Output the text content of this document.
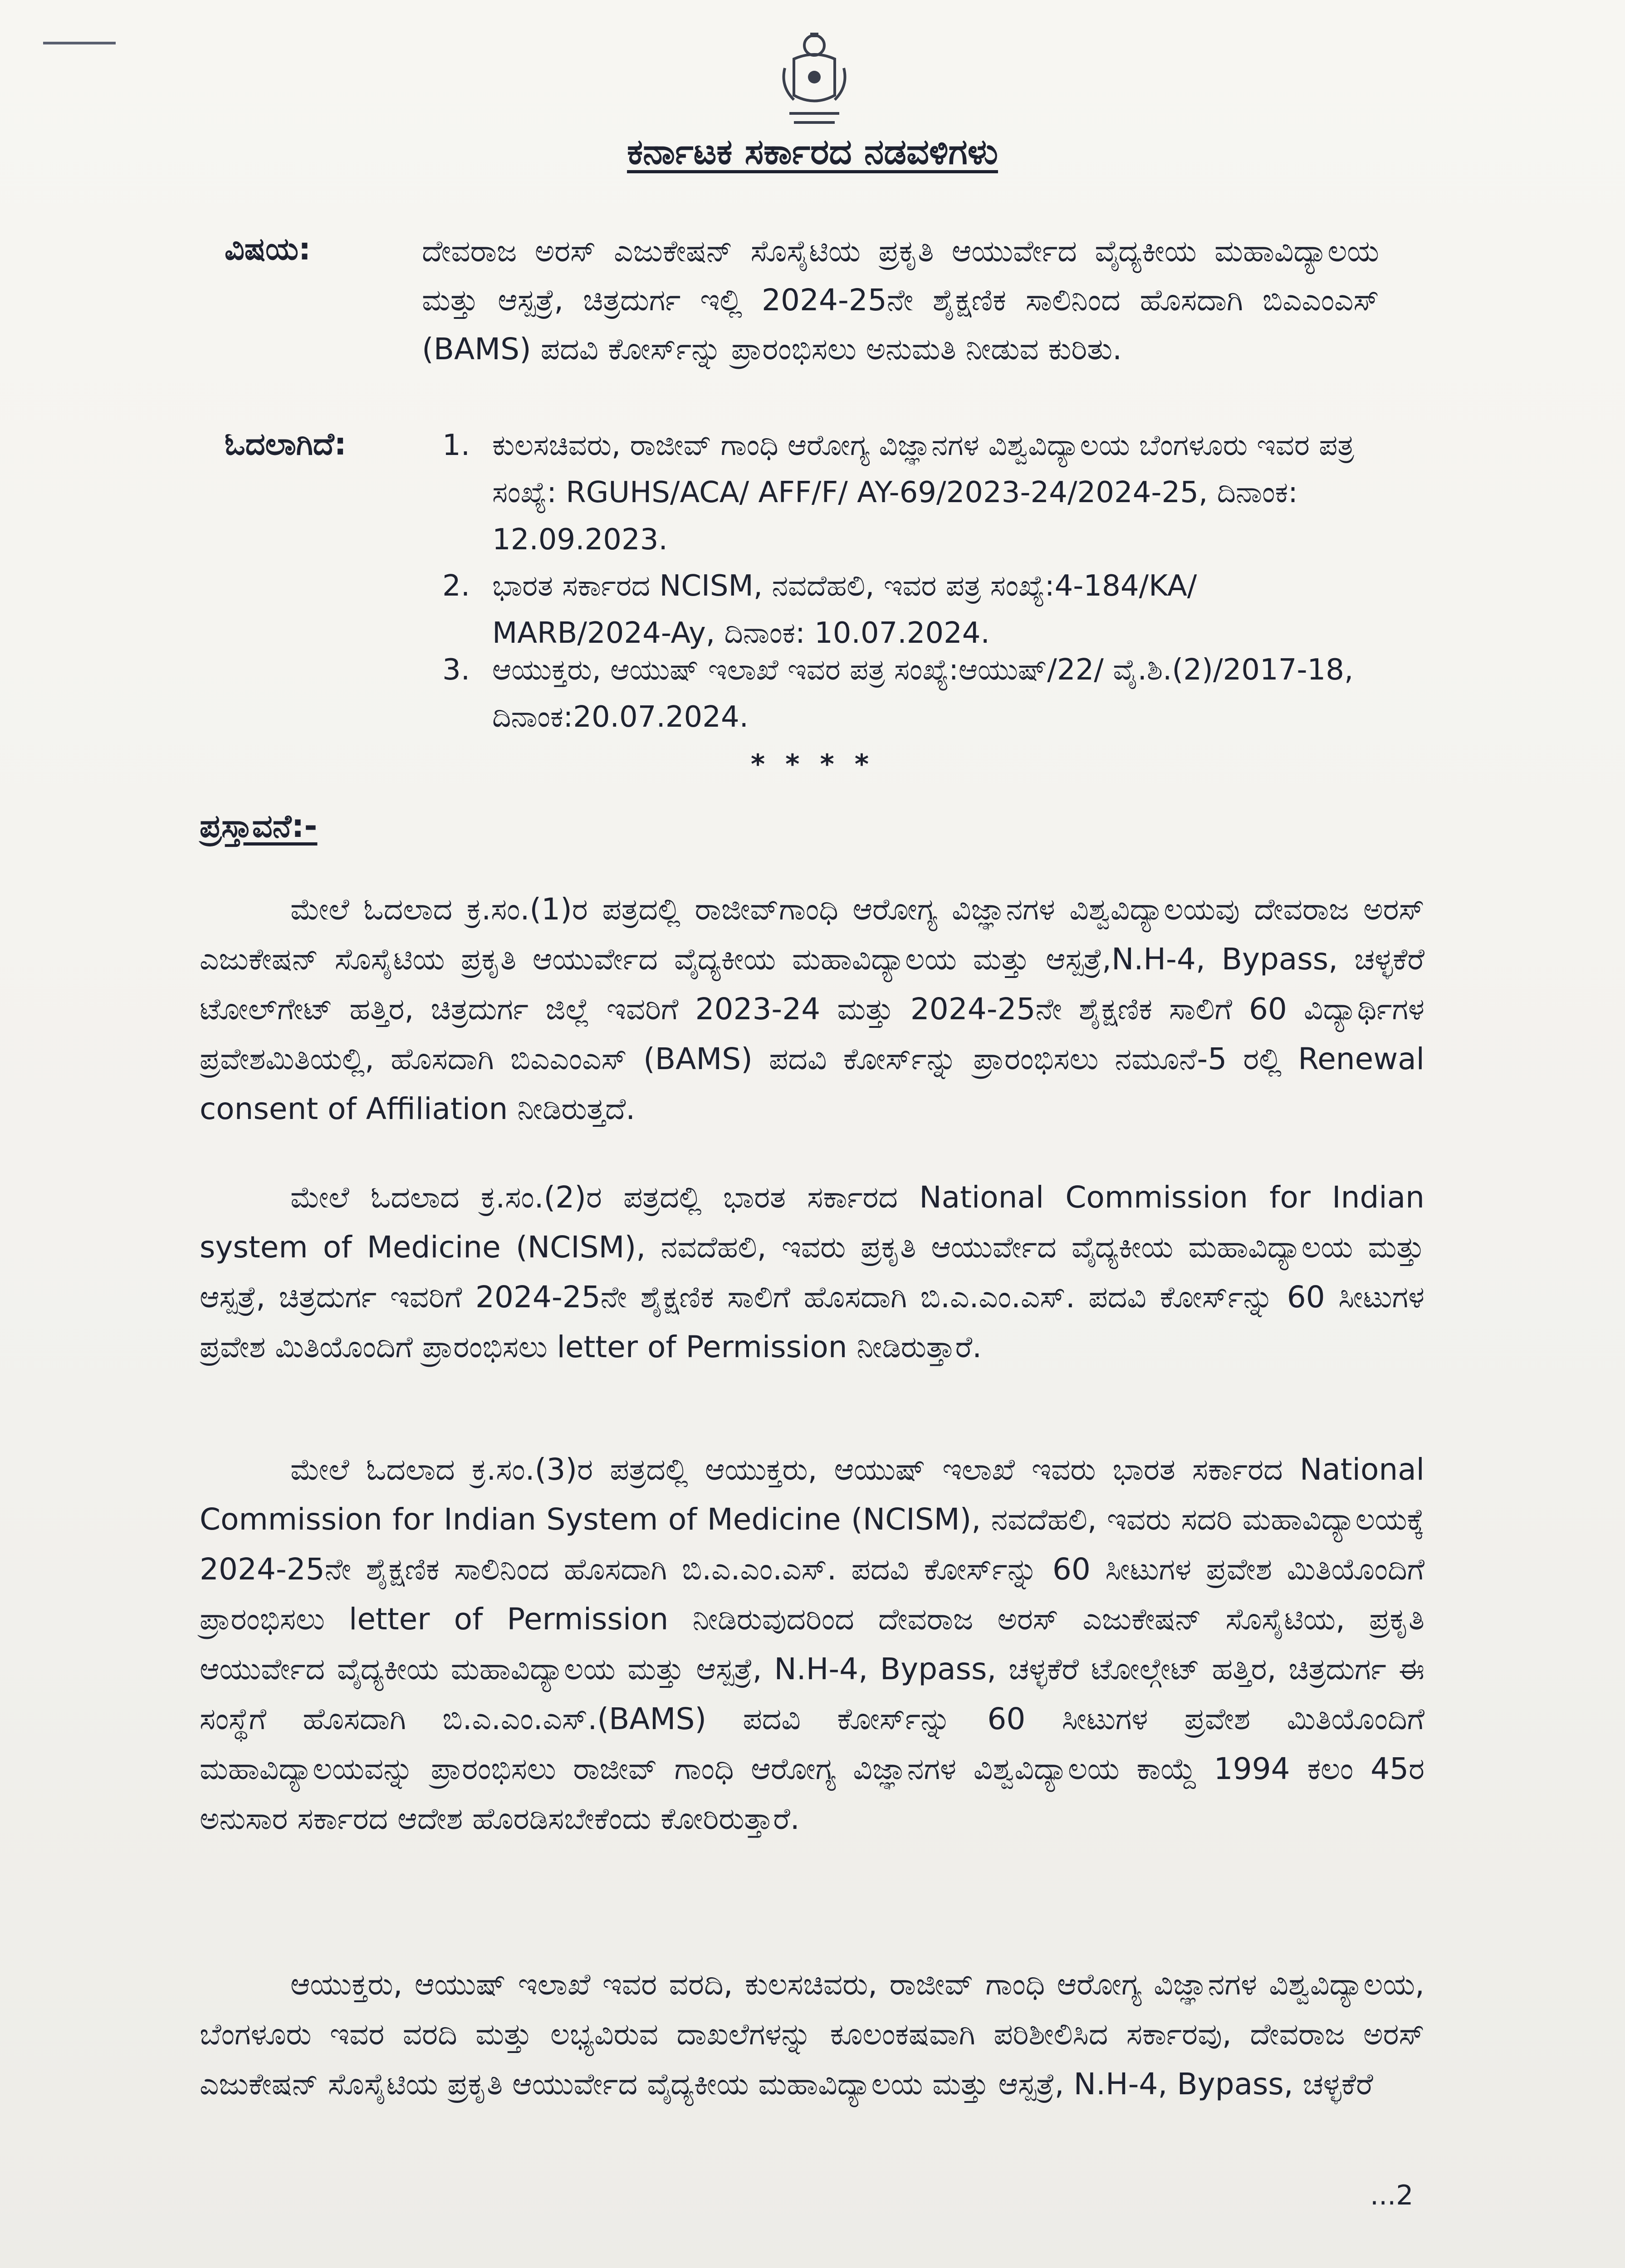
ಕರ್ನಾಟಕ ಸರ್ಕಾರದ ನಡವಳಿಗಳು
ವಿಷಯ:	ದೇವರಾಜ ಅರಸ್ ಎಜುಕೇಷನ್ ಸೊಸೈಟಿಯ ಪ್ರಕೃತಿ ಆಯುರ್ವೇದ ವೈದ್ಯಕೀಯ ಮಹಾವಿದ್ಯಾಲಯ ಮತ್ತು ಆಸ್ಪತ್ರೆ, ಚಿತ್ರದುರ್ಗ ಇಲ್ಲಿ 2024-25ನೇ ಶೈಕ್ಷಣಿಕ ಸಾಲಿನಿಂದ ಹೊಸದಾಗಿ ಬಿಎಎಂಎಸ್ (BAMS) ಪದವಿ ಕೋರ್ಸ್‌ನ್ನು ಪ್ರಾರಂಭಿಸಲು ಅನುಮತಿ ನೀಡುವ ಕುರಿತು.
ಓದಲಾಗಿದೆ:	1. ಕುಲಸಚಿವರು, ರಾಜೀವ್ ಗಾಂಧಿ ಆರೋಗ್ಯ ವಿಜ್ಞಾನಗಳ ವಿಶ್ವವಿದ್ಯಾಲಯ ಬೆಂಗಳೂರು ಇವರ ಪತ್ರ ಸಂಖ್ಯೆ: RGUHS/ACA/ AFF/F/ AY-69/2023-24/2024-25, ದಿನಾಂಕ: 12.09.2023.
2. ಭಾರತ ಸರ್ಕಾರದ NCISM, ನವದೆಹಲಿ, ಇವರ ಪತ್ರ ಸಂಖ್ಯೆ:4-184/KA/ MARB/2024-Ay, ದಿನಾಂಕ: 10.07.2024.
3. ಆಯುಕ್ತರು, ಆಯುಷ್ ಇಲಾಖೆ ಇವರ ಪತ್ರ ಸಂಖ್ಯೆ:ಆಯುಷ್/22/ ವೈ.ಶಿ.(2)/2017-18, ದಿನಾಂಕ:20.07.2024.
* * * *
ಪ್ರಸ್ತಾವನೆ:-
ಮೇಲೆ ಓದಲಾದ ಕ್ರ.ಸಂ.(1)ರ ಪತ್ರದಲ್ಲಿ ರಾಜೀವ್‌ಗಾಂಧಿ ಆರೋಗ್ಯ ವಿಜ್ಞಾನಗಳ ವಿಶ್ವವಿದ್ಯಾಲಯವು ದೇವರಾಜ ಅರಸ್ ಎಜುಕೇಷನ್ ಸೊಸೈಟಿಯ ಪ್ರಕೃತಿ ಆಯುರ್ವೇದ ವೈದ್ಯಕೀಯ ಮಹಾವಿದ್ಯಾಲಯ ಮತ್ತು ಆಸ್ಪತ್ರೆ,N.H-4, Bypass, ಚಳ್ಳಕೆರೆ ಟೋಲ್‌ಗೇಟ್ ಹತ್ತಿರ, ಚಿತ್ರದುರ್ಗ ಜಿಲ್ಲೆ ಇವರಿಗೆ 2023-24 ಮತ್ತು 2024-25ನೇ ಶೈಕ್ಷಣಿಕ ಸಾಲಿಗೆ 60 ವಿದ್ಯಾರ್ಥಿಗಳ ಪ್ರವೇಶಮಿತಿಯಲ್ಲಿ, ಹೊಸದಾಗಿ ಬಿಎಎಂಎಸ್ (BAMS) ಪದವಿ ಕೋರ್ಸ್‌ನ್ನು ಪ್ರಾರಂಭಿಸಲು ನಮೂನೆ-5 ರಲ್ಲಿ Renewal consent of Affiliation ನೀಡಿರುತ್ತದೆ.
ಮೇಲೆ ಓದಲಾದ ಕ್ರ.ಸಂ.(2)ರ ಪತ್ರದಲ್ಲಿ ಭಾರತ ಸರ್ಕಾರದ National Commission for Indian system of Medicine (NCISM), ನವದೆಹಲಿ, ಇವರು ಪ್ರಕೃತಿ ಆಯುರ್ವೇದ ವೈದ್ಯಕೀಯ ಮಹಾವಿದ್ಯಾಲಯ ಮತ್ತು ಆಸ್ಪತ್ರೆ, ಚಿತ್ರದುರ್ಗ ಇವರಿಗೆ 2024-25ನೇ ಶೈಕ್ಷಣಿಕ ಸಾಲಿಗೆ ಹೊಸದಾಗಿ ಬಿ.ಎ.ಎಂ.ಎಸ್. ಪದವಿ ಕೋರ್ಸ್‌ನ್ನು 60 ಸೀಟುಗಳ ಪ್ರವೇಶ ಮಿತಿಯೊಂದಿಗೆ ಪ್ರಾರಂಭಿಸಲು letter of Permission ನೀಡಿರುತ್ತಾರೆ.
ಮೇಲೆ ಓದಲಾದ ಕ್ರ.ಸಂ.(3)ರ ಪತ್ರದಲ್ಲಿ ಆಯುಕ್ತರು, ಆಯುಷ್ ಇಲಾಖೆ ಇವರು ಭಾರತ ಸರ್ಕಾರದ National Commission for Indian System of Medicine (NCISM), ನವದೆಹಲಿ, ಇವರು ಸದರಿ ಮಹಾವಿದ್ಯಾಲಯಕ್ಕೆ 2024-25ನೇ ಶೈಕ್ಷಣಿಕ ಸಾಲಿನಿಂದ ಹೊಸದಾಗಿ ಬಿ.ಎ.ಎಂ.ಎಸ್. ಪದವಿ ಕೋರ್ಸ್‌ನ್ನು 60 ಸೀಟುಗಳ ಪ್ರವೇಶ ಮಿತಿಯೊಂದಿಗೆ ಪ್ರಾರಂಭಿಸಲು letter of Permission ನೀಡಿರುವುದರಿಂದ ದೇವರಾಜ ಅರಸ್ ಎಜುಕೇಷನ್ ಸೊಸೈಟಿಯ, ಪ್ರಕೃತಿ ಆಯುರ್ವೇದ ವೈದ್ಯಕೀಯ ಮಹಾವಿದ್ಯಾಲಯ ಮತ್ತು ಆಸ್ಪತ್ರೆ, N.H-4, Bypass, ಚಳ್ಳಕೆರೆ ಟೋಲ್ಗೇಟ್ ಹತ್ತಿರ, ಚಿತ್ರದುರ್ಗ ಈ ಸಂಸ್ಥೆಗೆ ಹೊಸದಾಗಿ ಬಿ.ಎ.ಎಂ.ಎಸ್.(BAMS) ಪದವಿ ಕೋರ್ಸ್‌ನ್ನು 60 ಸೀಟುಗಳ ಪ್ರವೇಶ ಮಿತಿಯೊಂದಿಗೆ ಮಹಾವಿದ್ಯಾಲಯವನ್ನು ಪ್ರಾರಂಭಿಸಲು ರಾಜೀವ್ ಗಾಂಧಿ ಆರೋಗ್ಯ ವಿಜ್ಞಾನಗಳ ವಿಶ್ವವಿದ್ಯಾಲಯ ಕಾಯ್ದೆ 1994 ಕಲಂ 45ರ ಅನುಸಾರ ಸರ್ಕಾರದ ಆದೇಶ ಹೊರಡಿಸಬೇಕೆಂದು ಕೋರಿರುತ್ತಾರೆ.
ಆಯುಕ್ತರು, ಆಯುಷ್ ಇಲಾಖೆ ಇವರ ವರದಿ, ಕುಲಸಚಿವರು, ರಾಜೀವ್ ಗಾಂಧಿ ಆರೋಗ್ಯ ವಿಜ್ಞಾನಗಳ ವಿಶ್ವವಿದ್ಯಾಲಯ, ಬೆಂಗಳೂರು ಇವರ ವರದಿ ಮತ್ತು ಲಭ್ಯವಿರುವ ದಾಖಲೆಗಳನ್ನು ಕೂಲಂಕಷವಾಗಿ ಪರಿಶೀಲಿಸಿದ ಸರ್ಕಾರವು, ದೇವರಾಜ ಅರಸ್ ಎಜುಕೇಷನ್ ಸೊಸೈಟಿಯ ಪ್ರಕೃತಿ ಆಯುರ್ವೇದ ವೈದ್ಯಕೀಯ ಮಹಾವಿದ್ಯಾಲಯ ಮತ್ತು ಆಸ್ಪತ್ರೆ, N.H-4, Bypass, ಚಳ್ಳಕೆರೆ
...2
